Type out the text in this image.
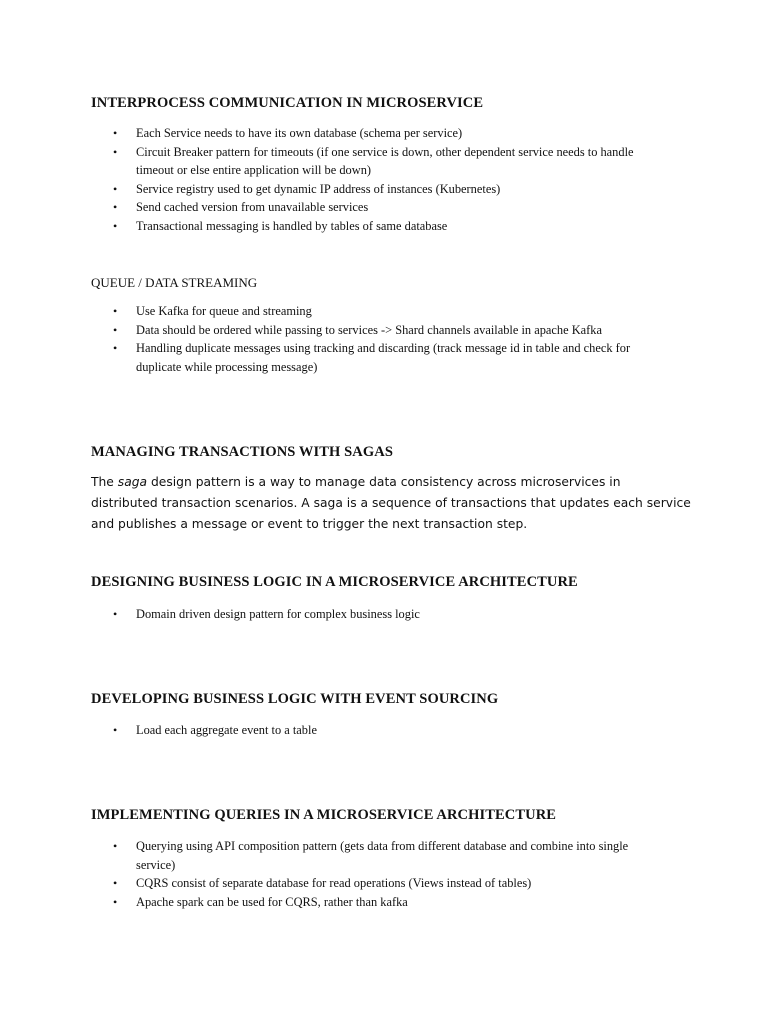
INTERPROCESS COMMUNICATION IN MICROSERVICE
• Each Service needs to have its own database (schema per service)
• Circuit Breaker pattern for timeouts (if one service is down, other dependent service needs to handle timeout or else entire application will be down)
• Service registry used to get dynamic IP address of instances (Kubernetes)
• Send cached version from unavailable services
• Transactional messaging is handled by tables of same database
QUEUE / DATA STREAMING
• Use Kafka for queue and streaming
• Data should be ordered while passing to services -> Shard channels available in apache Kafka
• Handling duplicate messages using tracking and discarding (track message id in table and check for duplicate while processing message)
MANAGING TRANSACTIONS WITH SAGAS

The saga design pattern is a way to manage data consistency across microservices in distributed transaction scenarios. A saga is a sequence of transactions that updates each service and publishes a message or event to trigger the next transaction step.

DESIGNING BUSINESS LOGIC IN A MICROSERVICE ARCHITECTURE
• Domain driven design pattern for complex business logic
DEVELOPING BUSINESS LOGIC WITH EVENT SOURCING
• Load each aggregate event to a table
IMPLEMENTING QUERIES IN A MICROSERVICE ARCHITECTURE
• Querying using API composition pattern (gets data from different database and combine into single service)
• CQRS consist of separate database for read operations (Views instead of tables)
• Apache spark can be used for CQRS, rather than kafka
